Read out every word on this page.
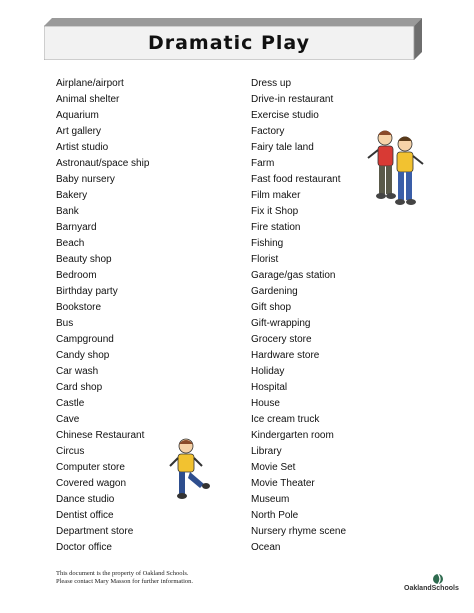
Dramatic Play
Airplane/airport
Animal shelter
Aquarium
Art gallery
Artist studio
Astronaut/space ship
Baby nursery
Bakery
Bank
Barnyard
Beach
Beauty shop
Bedroom
Birthday party
Bookstore
Bus
Campground
Candy shop
Car wash
Card shop
Castle
Cave
Chinese Restaurant
Circus
Computer store
Covered wagon
Dance studio
Dentist office
Department store
Doctor office
Dress up
Drive-in restaurant
Exercise studio
Factory
Fairy tale land
Farm
Fast food restaurant
Film maker
Fix it Shop
Fire station
Fishing
Florist
Garage/gas station
Gardening
Gift shop
Gift-wrapping
Grocery store
Hardware store
Holiday
Hospital
House
Ice cream truck
Kindergarten room
Library
Movie Set
Movie Theater
Museum
North Pole
Nursery rhyme scene
Ocean
This document is the property of Oakland Schools.
Please contact Mary Masson for further information.
OaklandSchools
